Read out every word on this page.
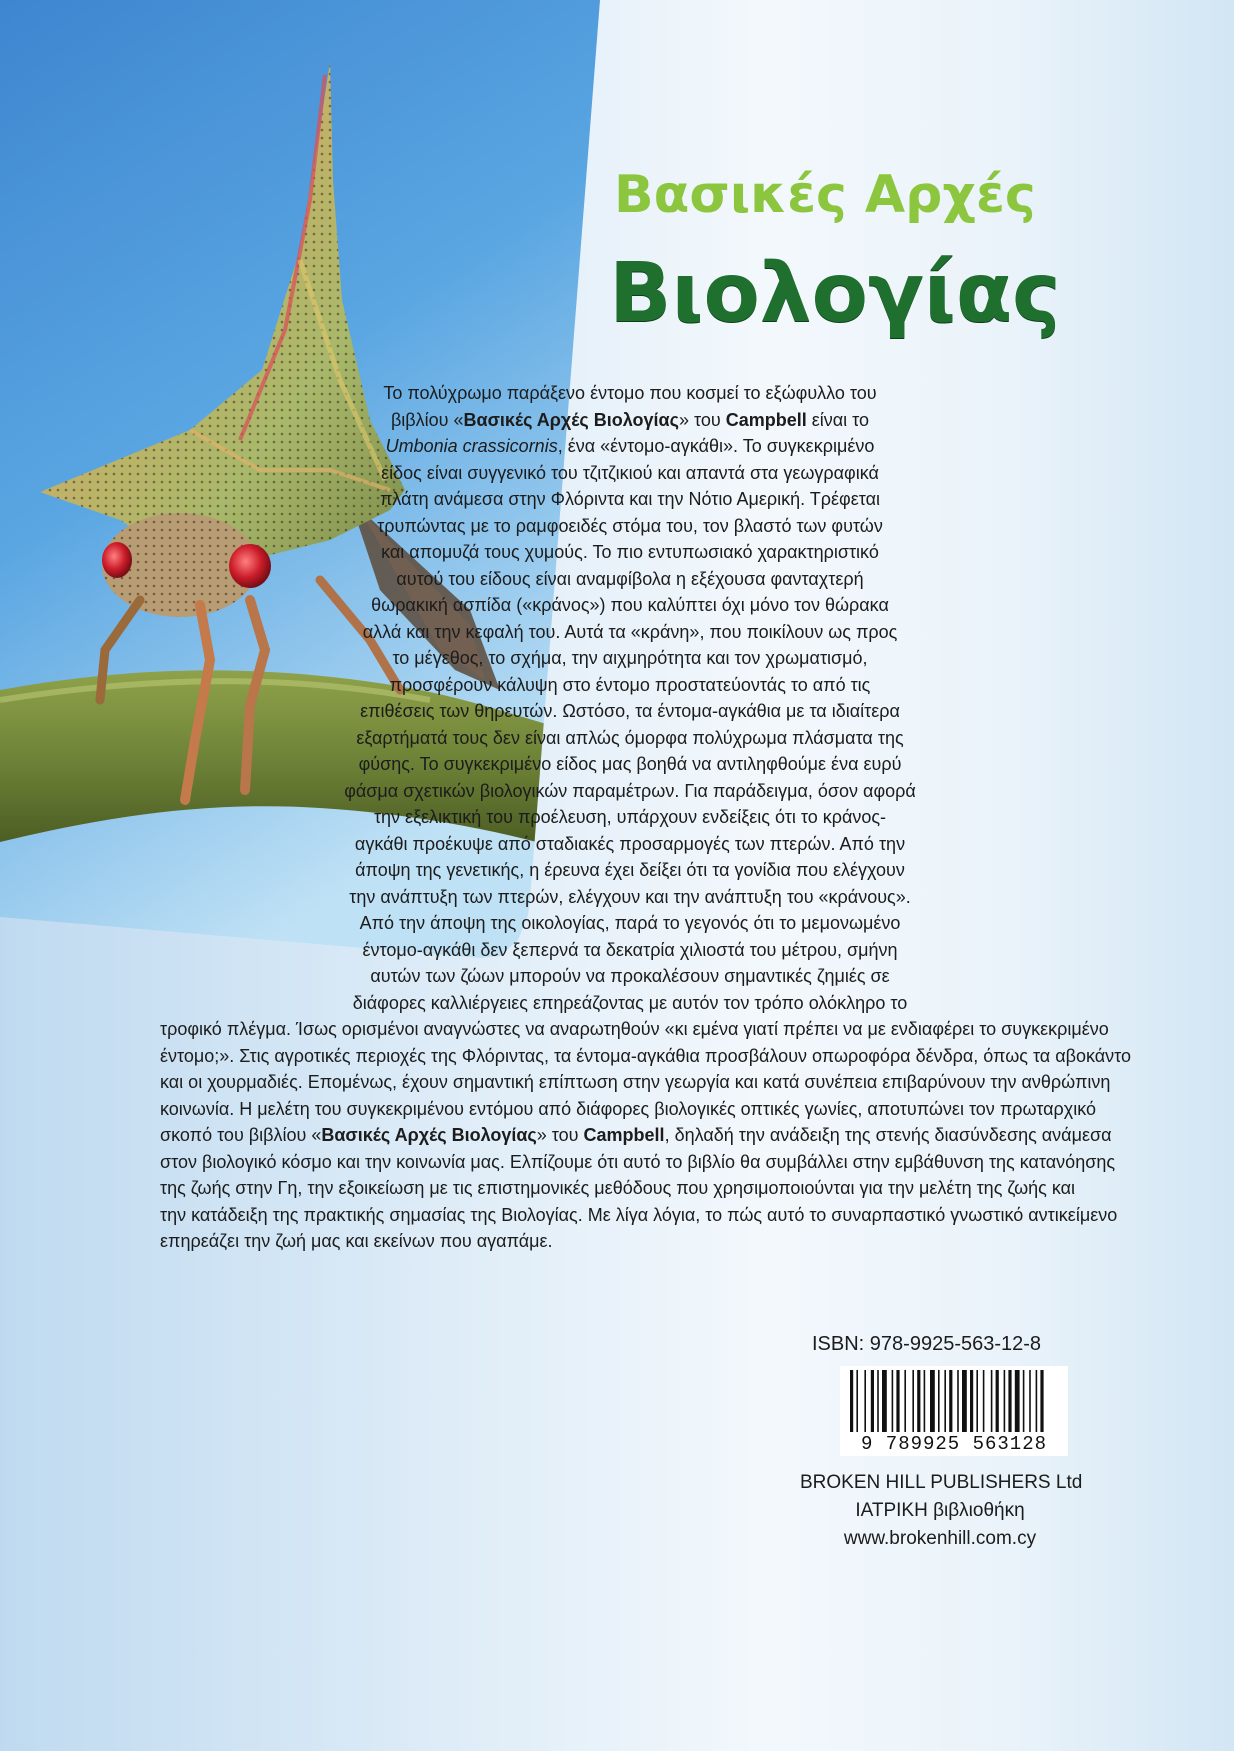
Βασικές Αρχές
Βιολογίας
Το πολύχρωμο παράξενο έντομο που κοσμεί το εξώφυλλο του
βιβλίου «Βασικές Αρχές Βιολογίας» του Campbell είναι το
Umbonia crassicornis, ένα «έντομο-αγκάθι». Το συγκεκριμένο
είδος είναι συγγενικό του τζιτζικιού και απαντά στα γεωγραφικά
πλάτη ανάμεσα στην Φλόριντα και την Νότιο Αμερική. Τρέφεται
τρυπώντας με το ραμφοειδές στόμα του, τον βλαστό των φυτών
και απομυζά τους χυμούς. Το πιο εντυπωσιακό χαρακτηριστικό
αυτού του είδους είναι αναμφίβολα η εξέχουσα φανταχτερή
θωρακική ασπίδα («κράνος») που καλύπτει όχι μόνο τον θώρακα
αλλά και την κεφαλή του. Αυτά τα «κράνη», που ποικίλουν ως προς
το μέγεθος, το σχήμα, την αιχμηρότητα και τον χρωματισμό,
προσφέρουν κάλυψη στο έντομο προστατεύοντάς το από τις
επιθέσεις των θηρευτών. Ωστόσο, τα έντομα-αγκάθια με τα ιδιαίτερα
εξαρτήματά τους δεν είναι απλώς όμορφα πολύχρωμα πλάσματα της
φύσης. Το συγκεκριμένο είδος μας βοηθά να αντιληφθούμε ένα ευρύ
φάσμα σχετικών βιολογικών παραμέτρων. Για παράδειγμα, όσον αφορά
την εξελικτική του προέλευση, υπάρχουν ενδείξεις ότι το κράνος-
αγκάθι προέκυψε από σταδιακές προσαρμογές των πτερών. Από την
άποψη της γενετικής, η έρευνα έχει δείξει ότι τα γονίδια που ελέγχουν
την ανάπτυξη των πτερών, ελέγχουν και την ανάπτυξη του «κράνους».
Από την άποψη της οικολογίας, παρά το γεγονός ότι το μεμονωμένο
έντομο-αγκάθι δεν ξεπερνά τα δεκατρία χιλιοστά του μέτρου, σμήνη
αυτών των ζώων μπορούν να προκαλέσουν σημαντικές ζημιές σε
διάφορες καλλιέργειες επηρεάζοντας με αυτόν τον τρόπο ολόκληρο το
τροφικό πλέγμα. Ίσως ορισμένοι αναγνώστες να αναρωτηθούν «κι εμένα γιατί πρέπει να με ενδιαφέρει το συγκεκριμένο
έντομο;». Στις αγροτικές περιοχές της Φλόριντας, τα έντομα-αγκάθια προσβάλουν οπωροφόρα δένδρα, όπως τα αβοκάντο
και οι χουρμαδιές. Επομένως, έχουν σημαντική επίπτωση στην γεωργία και κατά συνέπεια επιβαρύνουν την ανθρώπινη
κοινωνία. Η μελέτη του συγκεκριμένου εντόμου από διάφορες βιολογικές οπτικές γωνίες, αποτυπώνει τον πρωταρχικό
σκοπό του βιβλίου «Βασικές Αρχές Βιολογίας» του Campbell, δηλαδή την ανάδειξη της στενής διασύνδεσης ανάμεσα
στον βιολογικό κόσμο και την κοινωνία μας. Ελπίζουμε ότι αυτό το βιβλίο θα συμβάλλει στην εμβάθυνση της κατανόησης
της ζωής στην Γη, την εξοικείωση με τις επιστημονικές μεθόδους που χρησιμοποιούνται για την μελέτη της ζωής και
την κατάδειξη της πρακτικής σημασίας της Βιολογίας. Με λίγα λόγια, το πώς αυτό το συναρπαστικό γνωστικό αντικείμενο
επηρεάζει την ζωή μας και εκείνων που αγαπάμε.
ISBN: 978-9925-563-12-8
9 789925 563128
BROKEN HILL PUBLISHERS Ltd
ΙΑΤΡΙΚΗ βιβλιοθήκη
www.brokenhill.com.cy
